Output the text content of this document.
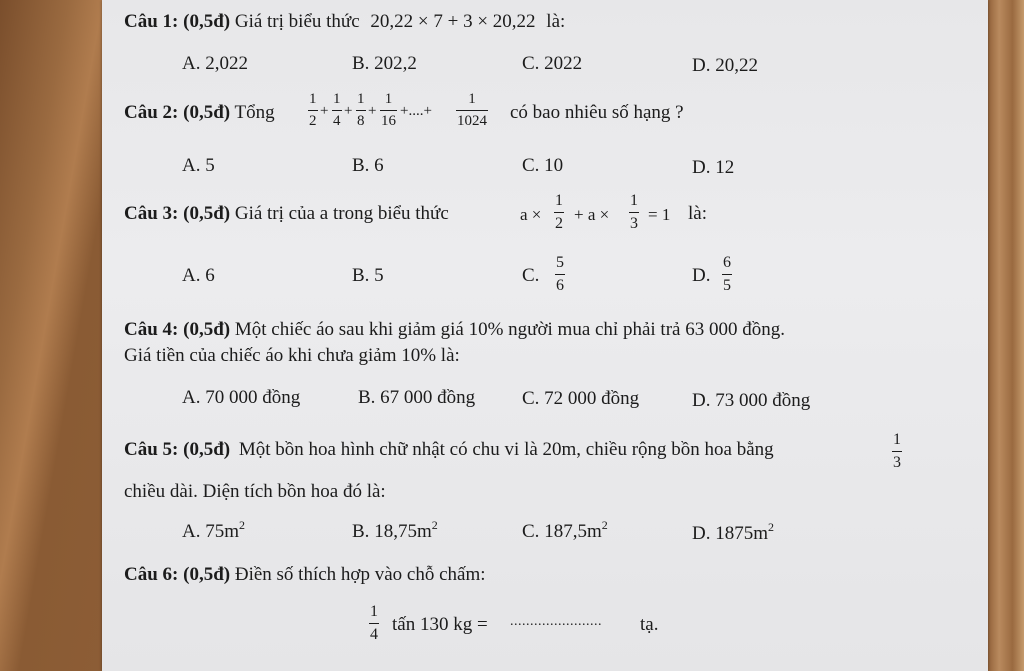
Câu 1: (0,5đ) Giá trị biểu thức 20,22 × 7 + 3 × 20,22 là:
A. 2,022	B. 202,2	C. 2022	D. 20,22
Câu 2: (0,5đ) Tổng $\frac{1}{2} + \frac{1}{4} + \frac{1}{8} + \frac{1}{16}$ +....+ $\frac{1}{1024}$ có bao nhiêu số hạng ?
A. 5	B. 6	C. 10	D. 12
Câu 3: (0,5đ) Giá trị của a trong biểu thức	$a \times \frac{1}{2} + a \times \frac{1}{3} = 1$ là:
A. 6	B. 5	C. $\frac{5}{6}$	D. $\frac{6}{5}$
Câu 4: (0,5đ) Một chiếc áo sau khi giảm giá 10% người mua chỉ phải trả 63 000 đồng.
Giá tiền của chiếc áo khi chưa giảm 10% là:
A. 70 000 đồng	B. 67 000 đồng C. 72 000 đồng	D. 73 000 đồng
Câu 5: (0,5đ) Một bồn hoa hình chữ nhật có chu vi là 20m, chiều rộng bồn hoa bằng	$\frac{1}{3}$
chiều dài. Diện tích bồn hoa đó là:
A. $75m^2$	B. $18,75m^2$	C. $187,5m^2$	D. $1875m^2$
Câu 6: (0,5đ) Điền số thích hợp vào chỗ chấm:
$\frac{1}{4}$ tấn 130 kg = ....................... tạ.
